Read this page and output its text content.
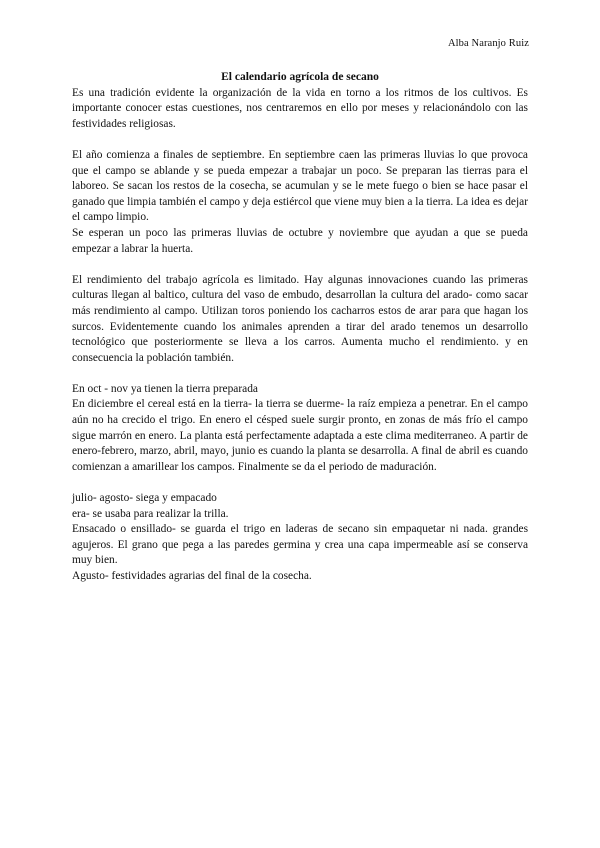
Alba Naranjo Ruiz
El calendario agrícola de secano

Es una tradición evidente la organización de la vida en torno a los ritmos de los cultivos. Es importante conocer estas cuestiones, nos centraremos en ello por meses y relacionándolo con las festividades religiosas.

El año comienza a finales de septiembre. En septiembre caen las primeras lluvias lo que provoca que el campo se ablande y se pueda empezar a trabajar un poco. Se preparan las tierras para el laboreo. Se sacan los restos de la cosecha, se acumulan y se le mete fuego o bien se hace pasar el ganado que limpia también el campo y deja estiércol que viene muy bien a la tierra. La idea es dejar el campo limpio.

Se esperan un poco las primeras lluvias de octubre y noviembre que ayudan a que se pueda empezar a labrar la huerta.

El rendimiento del trabajo agrícola es limitado. Hay algunas innovaciones cuando las primeras culturas llegan al baltico, cultura del vaso de embudo, desarrollan la cultura del arado- como sacar más rendimiento al campo. Utilizan toros poniendo los cacharros estos de arar para que hagan los surcos. Evidentemente cuando los animales aprenden a tirar del arado tenemos un desarrollo tecnológico que posteriormente se lleva a los carros. Aumenta mucho el rendimiento. y en consecuencia la población también.

En oct - nov ya tienen la tierra preparada

En diciembre el cereal está en la tierra- la tierra se duerme- la raíz empieza a penetrar. En el campo aún no ha crecido el trigo. En enero el césped suele surgir pronto, en zonas de más frío el campo sigue marrón en enero. La planta está perfectamente adaptada a este clima mediterraneo. A partir de enero-febrero, marzo, abril, mayo, junio es cuando la planta se desarrolla. A final de abril es cuando comienzan a amarillear los campos. Finalmente se da el periodo de maduración.

julio- agosto- siega y empacado

era- se usaba para realizar la trilla.

Ensacado o ensillado- se guarda el trigo en laderas de secano sin empaquetar ni nada. grandes agujeros. El grano que pega a las paredes germina y crea una capa impermeable así se conserva muy bien.

Agusto- festividades agrarias del final de la cosecha.
